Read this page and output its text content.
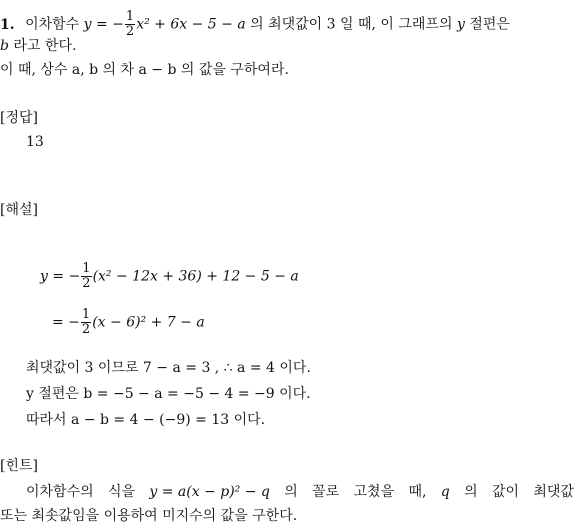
1. 이차함수 y = − $\frac{1}{2} x^2 + 6x - 5 - a$ 의 최댓값이 3 일 때, 이 그래프의 y 절편은
b 라고 한다.
이 때, 상수 a, b 의 차 a − b 의 값을 구하여라.
[정답]
13
[해설]
y = − $\frac{1}{2} (x^2 - 12x + 36) + 12 - 5 - a$
= − $\frac{1}{2} (x - 6)^2 + 7 - a$
최댓값이 3 이므로 7 − a = 3 , ∴ a = 4 이다.
y 절편은 b = −5 − a = −5 − 4 = −9 이다.
따라서 a − b = 4 − (−9) = 13 이다.
[힌트]
이차함수의 식을 y = a(x − p)² − q 의 꼴로 고쳤을 때, q 의 값이 최댓값
또는 최솟값임을 이용하여 미지수의 값을 구한다.
